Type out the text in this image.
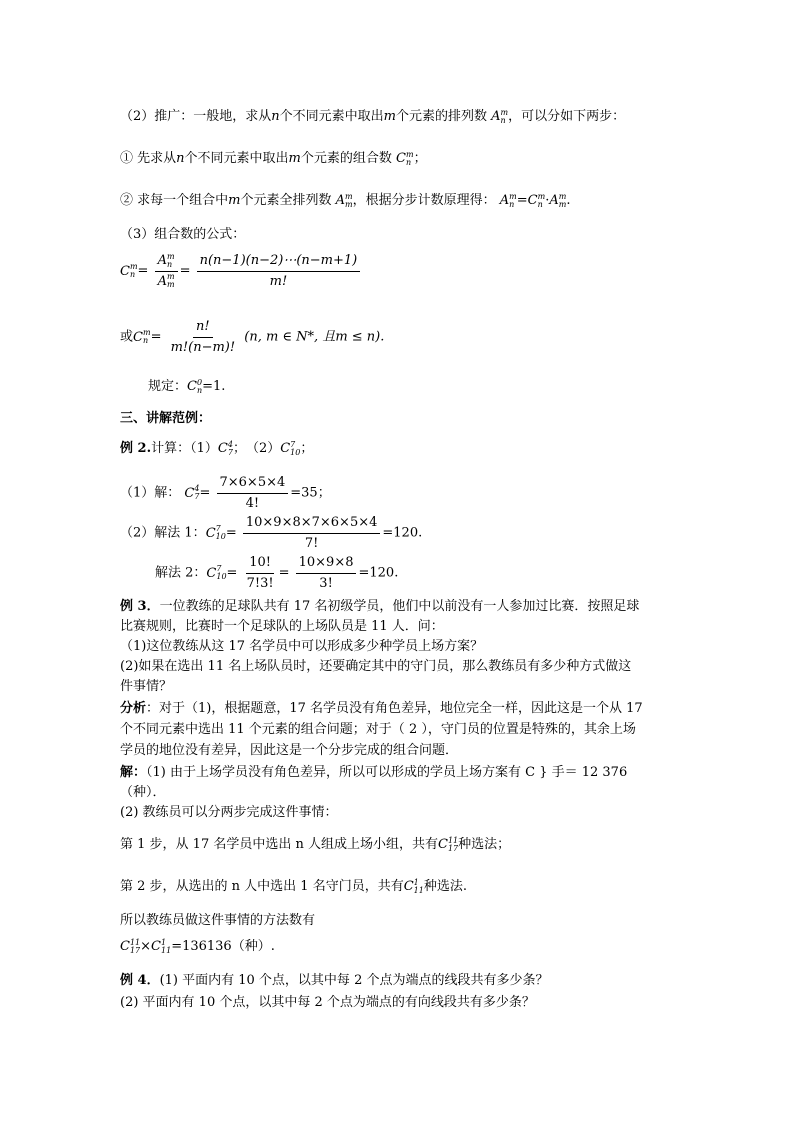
（2）推广：一般地，求从n个不同元素中取出m个元素的排列数 A m
n ，可以分如下两步：
① 先求从n个不同元素中取出m个元素的组合数 C m
n ；
② 求每一个组合中m个元素全排列数 A m
m ，根据分步计数原理得： A m
n =C m
n ·A m
m .
（3）组合数的公式：
C m
n = A m
n
A m
$m = \frac{n(n-1)(n-2)\cdots(n-m+1)}{m!}$
或C m
$n = \frac{n!}{m!(n-m)!} (n$, m ∈ N*, 且m ≤ n).
规定：C 0
n =1.
三、讲解范例：
例 2.计算：（1）C 4
7 ；　（2）C 7
10 ；
（1）解： C 4
$7 = \frac{7\times 6\times 5\times 4}{4!} =35$；
（2）解法 1：C 7
$10 = \frac{10\times 9\times 8\times 7\times 6\times 5\times 4}{7!} =120$.
解法 2：C 7
$10 = \frac{10!}{7!3!} = \frac{10\times 9\times 8}{3!} =120$.
例 3．一位教练的足球队共有 17 名初级学员，他们中以前没有一人参加过比赛．按照足球
比赛规则，比赛时一个足球队的上场队员是 11 人．问：
（1)这位教练从这 17 名学员中可以形成多少种学员上场方案？
(2)如果在选出 11 名上场队员时，还要确定其中的守门员，那么教练员有多少种方式做这
件事情？
分析：对于（1)，根据题意，17 名学员没有角色差异，地位完全一样，因此这是一个从 17
个不同元素中选出 11 个元素的组合问题；对于（ 2 ），守门员的位置是特殊的，其余上场
学员的地位没有差异，因此这是一个分步完成的组合问题．
解：（1) 由于上场学员没有角色差异，所以可以形成的学员上场方案有 C } 手＝ 12 376
（种）．
(2) 教练员可以分两步完成这件事情：
第 1 步，从 17 名学员中选出 n 人组成上场小组，共有C 11
17 种选法；
第 2 步，从选出的 n 人中选出 1 名守门员，共有C 1
11 种选法.
所以教练员做这件事情的方法数有
C 11
17 ×C 1
11 =136136（种）.
例 4．(1) 平面内有 10 个点，以其中每 2 个点为端点的线段共有多少条？
(2) 平面内有 10 个点，以其中每 2 个点为端点的有向线段共有多少条？
